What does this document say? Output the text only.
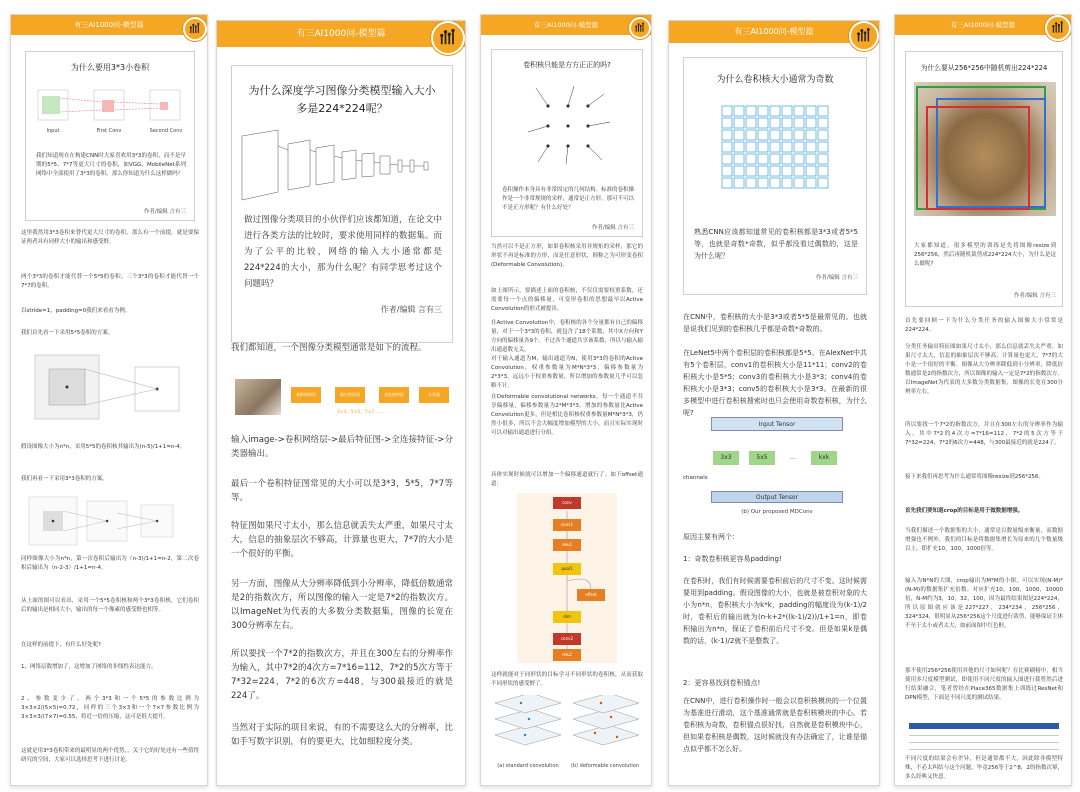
有三AI1000问-模型篇
为什么要用3*3小卷积
Input	First Conv	Second Conv
我们知道现在在构建CNN时大家喜欢用3*3的卷积，而不是早期的5*5、7*7等更大尺寸的卷积，如VGG、MobileNet系列网络中全部使用了3*3的卷积。那么你知道为什么这样做吗？
作者/编辑 言有三
这里我然用3*3卷积来替代更大尺寸的卷积，那么有一个前提，就是要保证两者具有同样大小的输出和感受野。
两个3*3的卷积才能代替一个5*5的卷积；三个3*3的卷积才能代替一个7*7的卷积。
以stride=1，padding=0我们来看看为例。
我们首先看一下采用5*5卷积的方案。
假设图像大小为n*n，采用5*5的卷积核其输出为(n-5)/1+1=n-4。
我们再看一下采用3*3卷积的方案。
同样图像大小为n*n，第一次卷积后输出为（n-3)/1+1=n-2，第二次卷积后输出为（n-2-3）/1+1=n-4。
从上面的图可以看出，采用一个5*5卷积核和两个3*3卷积核，它们卷积后的输出是相同大小，输出的每一个像素的感受野也相等。
在这样的前提下，有什么好处呢?
1、网络层数增加了，这增加了网络的非线性表达能力。
2、参数变少了，两个3*3和一个5*5的参数比例为3×3×2/(5×5)=0.72，同样的三个3×3和一个7×7参数比例为3×3×3/(7×7)=0.55，将近一倍的压缩，这可是很大提升。
这就是用3*3卷积带来的最明显的两个优势，，关于它的好处还有一些值得研究的空间，大家可以选择思考下进行讨论。
有三AI1000问-模型篇
为什么深度学习图像分类模型输入大小多是224*224呢？
做过图像分类项目的小伙伴们应该都知道，在论文中进行各类方法的比较时，要求使用同样的数据集。而为了公平的比较，网络的输入大小通常都是224*224的大小，那为什么呢？有同学思考过这个问题吗？
作者/编辑 言有三
我们都知道，一个图像分类模型通常是如下的流程。
卷积网络层	最后特征图	全连接特征	分类器
3×3，5×5，7×7……
输入image->卷积网络层->最后特征图->全连接特征->分类器输出。
最后一个卷积特征图常见的大小可以是3*3，5*5，7*7等等。
特征图如果尺寸太小，那么信息就丢失太严重，如果尺寸太大，信息的抽象层次不够高，计算量也更大，7*7的大小是一个很好的平衡。
另一方面，图像从大分辨率降低到小分辨率，降低倍数通常是2的指数次方，所以图像的输入一定是7*2的指数次方。以ImageNet为代表的大多数分类数据集，图像的长宽在300分辨率左右。
所以要找一个7*2的指数次方，并且在300左右的分辨率作为输入，其中7*2的4次方=7*16=112，7*2的5次方等于7*32=224，7*2的6次方=448，与300最接近的就是224了。
当然对于实际的项目来说，有的不需要这么大的分辨率，比如手写数字识别，有的要更大，比如细粒度分类。
有三AI1000问-模型篇
卷积核只能是方方正正的吗?
卷积操作本身具有非常固定的几何结构。标准的卷积操作是一个非常规规的采样，通常是正方形，那可不可以不是正方形呢？有什么好处？
作者/编辑 言有三
当然可以不是正方形，如果卷积核采用非规矩的采样，那它的形状不再是标准的方形，而是任意形状，则称之为可形变卷积 (Deformable Convolution)。
如上图所示，要描述上面的卷积核，不仅仅需要权重系数，还需要每一个点的偏移量，可变形卷积的思想最早以Active Convolution的形式被提出。
在Active Convolution中，卷积核的各个分量都有自己的偏移量，对于一个3*3的卷积，就包含了18个系数，其中X方向和Y方向的偏移量各9个。不过各个通道共享该系数，所以与输入输出通道数无关。
对于输入通道为M，输出通道为N，使用3*3的卷积的Active Convolution，权重参数量为M*N*3*3，偏移参数量为2*3*3，远远小于权重参数量，所以增加的参数量几乎可以忽略不计。
在Deformable convolutional networks，每一个通道不共享偏移量，偏移参数量为2*M*3*3，增加的参数量比Active Convolution更多，但是相比卷积核权重参数量M*N*3*3，仍然小很多，所以不会大幅度增加模型的大小，而且实际实现时可以对输出通道进行分组。
具体实现时候就可以增加一个偏移通道就行了。如下offset通道：
conv
conv1
relu1
pool1
offset
dim
conv2
relu2
这样就能对于同形状的目标学习不同形状的卷积核，从而获取不同形状的感受野了。
(a) standard convolution	(b) deformable convolution
有三AI1000问-模型篇
为什么卷积核大小通常为奇数
熟悉CNN应该都知道常见的卷积核都是3*3或者5*5等，也就是奇数*奇数，似乎都没看过偶数的，这是为什么呢？
作者/编辑 言有三
在CNN中，卷积核的大小是3*3或者5*5是最常见的。也就是说我们见到的卷积核几乎都是奇数*奇数的。
在LeNet5中两个卷积层的卷积核都是5*5。在AlexNet中共有5个卷积层，conv1的卷积核大小是11*11；conv2的卷积核大小是5*5；conv3的卷积核大小是3*3；conv4的卷积核大小是3*3；conv5的卷积核大小是3*3。在最新的很多模型中进行卷积核搜索时也只会使用奇数卷积核，为什么呢?
Input Tensor
3x3	5x5	...	kxk
channels
Output Tensor
(b) Our proposed MDConv
原因主要有两个：
1：奇数卷积核更容易padding!
在卷积时，我们有时候需要卷积前后的尺寸不变。这时候需要用到padding。假设图像的大小，也就是被卷积对象的大小为n*n，卷积核大小为k*k，padding的幅度设为(k-1)/2时，卷积后的输出就为(n-k+2*((k-1)/2))/1+1=n，即卷积输出为n*n，保证了卷积前后尺寸不变。但是如果k是偶数的话，(k-1)/2就不是整数了。
2：更容易找到卷积锚点!
在CNN中，进行卷积操作时一般会以卷积核模块的一个位置为基准进行滑动，这个基准通常就是卷积核模块的中心。若卷积核为奇数，卷积锚点很好找，自然就是卷积模块中心，但如果卷积核是偶数，这时候就没有办法确定了，让谁是锚点似乎都不怎么好。
有三AI1000问-模型篇
为什么要从256*256中随机剪出224*224
大家都知道，很多模型的训练是先将图像resize到256*256，然后再随机裁剪成224*224大小，为什么是这么做呢?
作者/编辑 言有三
首先要回顾一下为什么分类任务的输入图像大小常常是224*224。
分类任务输出特征图如果尺寸太小，那么信息就丢失太严重，如果尺寸太大，信息的抽象层次不够高，计算量也更大，7*7的大小是一个很好的平衡。图像从大分辨率降低到小分辨率，降低倍数通常是2的指数次方，所以图像的输入一定是7*2的指数次方。以ImageNet为代表的大多数分类数据集，图像的长宽在300分辨率左右。
所以要找一个7*2的指数次方，并且在300左右的分辨率作为输入，其中7*2的4次方=7*16=112，7*2的5次方等于7*32=224，7*2的6次方=448，与300最接近的就是224了。
接下来我们再思考为什么通常将图像resize到256*256。
首先我们要知道crop的目标是用于做数据增强。
当我们描述一个数据集的大小，通常是以数量级来衡量，而数据增强也不例外，我们的目标是将数据集增长为原来的几个数量级以上，即扩充10，100，1000倍等。
输入为N*N的大图，crop输出为M*M的小图，可以实现(N-M)*(N-M)的数据集扩充倍数。对应扩充10，100，1000，10000倍，N-M约为3，10，32，100，因为最终结果图是224*224，所以原图就应该是227*227，234*234，256*256，324*324，很明显从256*256这个尺度进行裁剪，能够保证主体不至于太小或者太大，如前面图中红色框。
那不使用256*256使用其他的尺寸如何呢？在比赛刷榜中，相当使用多尺度模型测试，即使用不同尺度的输入图进行裁剪然后进行结果融合，笔者曾经在Place365数据集上训练过ResNet和DPN模型，下面是不同尺度的测试结果。
不同尺度的结果会有差异，但是通常都不大，因此除非模型特殊，不必太纠结与这个问题，毕竟256等于2^8，2的指数次幂，多么经典又快意。
